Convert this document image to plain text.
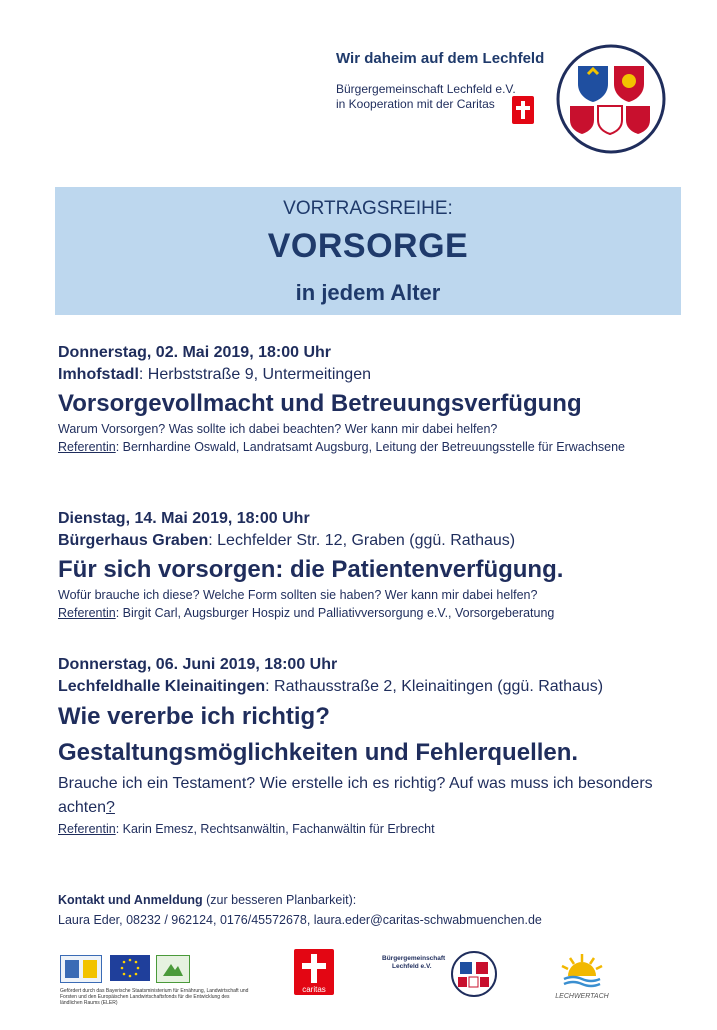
Wir daheim auf dem Lechfeld
Bürgergemeinschaft Lechfeld e.V.
in Kooperation mit der Caritas
VORTRAGSREIHE:
VORSORGE
in jedem Alter
Donnerstag, 02. Mai 2019, 18:00 Uhr
Imhofstadl: Herbststraße 9, Untermeitingen
Vorsorgevollmacht und Betreuungsverfügung
Warum Vorsorgen? Was sollte ich dabei beachten? Wer kann mir dabei helfen?
Referentin: Bernhardine Oswald, Landratsamt Augsburg, Leitung der Betreuungsstelle für Erwachsene
Dienstag, 14. Mai 2019, 18:00 Uhr
Bürgerhaus Graben: Lechfelder Str. 12, Graben (ggü. Rathaus)
Für sich vorsorgen: die Patientenverfügung.
Wofür brauche ich diese? Welche Form sollten sie haben? Wer kann mir dabei helfen?
Referentin: Birgit Carl, Augsburger Hospiz und Palliativversorgung e.V., Vorsorgeberatung
Donnerstag, 06. Juni 2019, 18:00 Uhr
Lechfeldhalle Kleinaitingen: Rathausstraße 2, Kleinaitingen (ggü. Rathaus)
Wie vererbe ich richtig?
Gestaltungsmöglichkeiten und Fehlerquellen.
Brauche ich ein Testament? Wie erstelle ich es richtig? Auf was muss ich besonders achten?
Referentin: Karin Emesz, Rechtsanwältin, Fachanwältin für Erbrecht
Kontakt und Anmeldung (zur besseren Planbarkeit):
Laura Eder, 08232 / 962124, 0176/45572678, laura.eder@caritas-schwabmuenchen.de
Gefördert durch das Bayerische Staatsministerium für Ernährung, Landwirtschaft und Forsten und den Europäischen Landwirtschaftsfonds für die Entwicklung des ländlichen Raums (ELER)
caritas
Bürgergemeinschaft
Lechfeld e.V.
LECHWERTACH
